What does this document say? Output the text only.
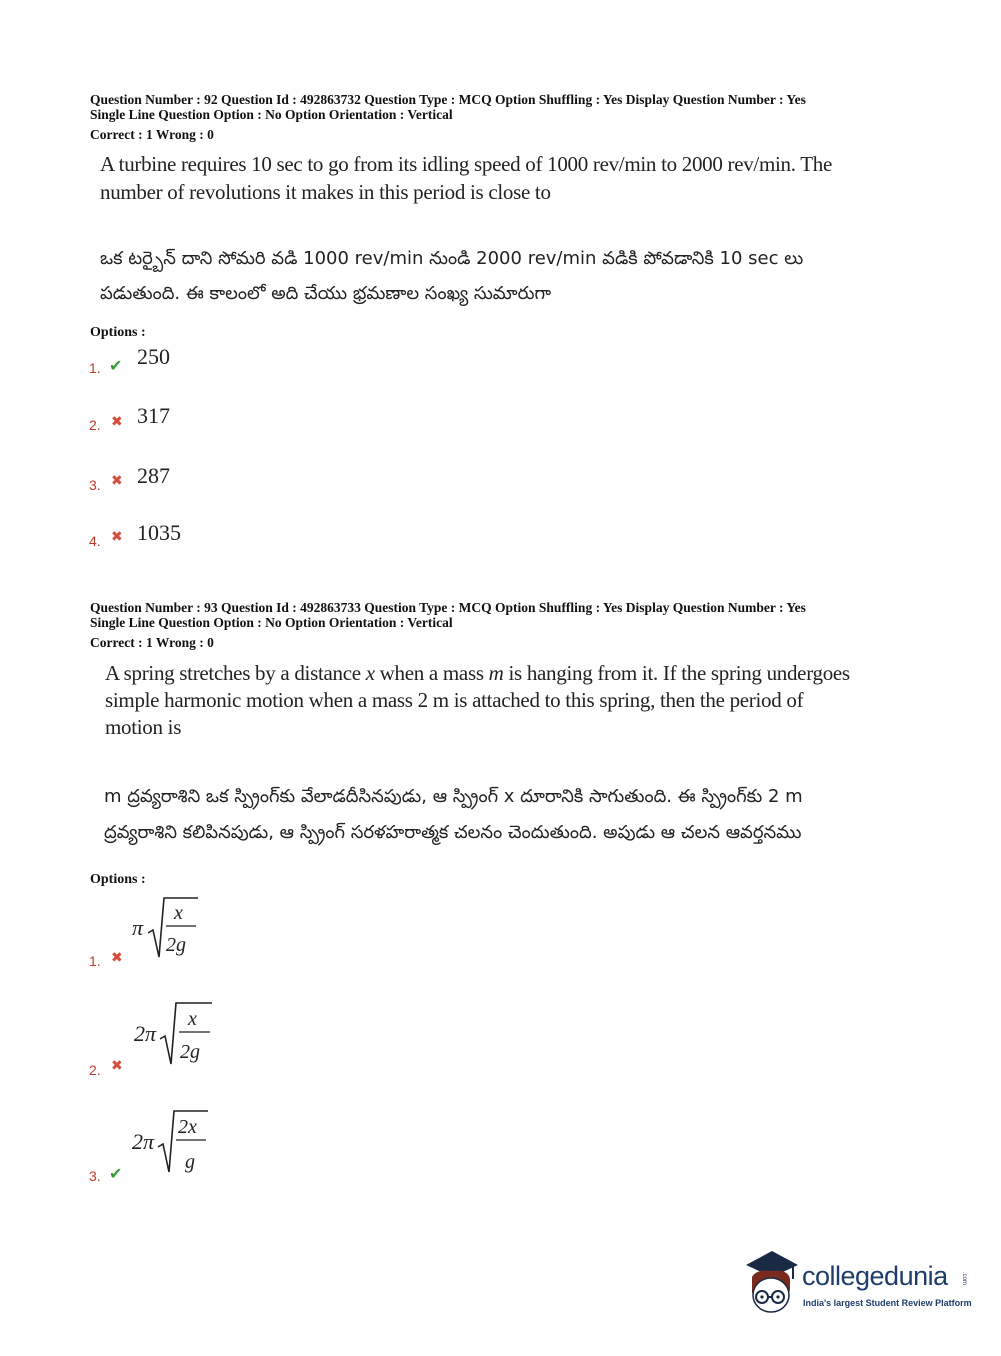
Question Number : 92 Question Id : 492863732 Question Type : MCQ Option Shuffling : Yes Display Question Number : Yes
Single Line Question Option : No Option Orientation : Vertical
Correct : 1 Wrong : 0
A turbine requires 10 sec to go from its idling speed of 1000 rev/min to 2000 rev/min. The
number of revolutions it makes in this period is close to
ఒక టర్బైన్ దాని సోమరి వడి 1000 rev/min నుండి 2000 rev/min వడికి పోవడానికి 10 sec లు
పడుతుంది. ఈ కాలంలో అది చేయు భ్రమణాల సంఖ్య సుమారుగా
Options :
1. ✔ 250
2. ✖ 317
3. ✖ 287
4. ✖ 1035
Question Number : 93 Question Id : 492863733 Question Type : MCQ Option Shuffling : Yes Display Question Number : Yes
Single Line Question Option : No Option Orientation : Vertical
Correct : 1 Wrong : 0
A spring stretches by a distance x when a mass m is hanging from it. If the spring undergoes
simple harmonic motion when a mass 2 m is attached to this spring, then the period of
motion is
m ద్రవ్యరాశిని ఒక స్ప్రింగ్‌కు వేలాడదీసినపుడు, ఆ స్ప్రింగ్ x దూరానికి సాగుతుంది. ఈ స్ప్రింగ్‌కు 2 m
ద్రవ్యరాశిని కలిపినపుడు, ఆ స్ప్రింగ్ సరళహరాత్మక చలనం చెందుతుంది. అపుడు ఆ చలన ఆవర్తనము
Options :
1. ✖
π
x
2g
2. ✖
2π
x
2g
3. ✔
2π
2x
g
collegedunia .com
India's largest Student Review Platform
